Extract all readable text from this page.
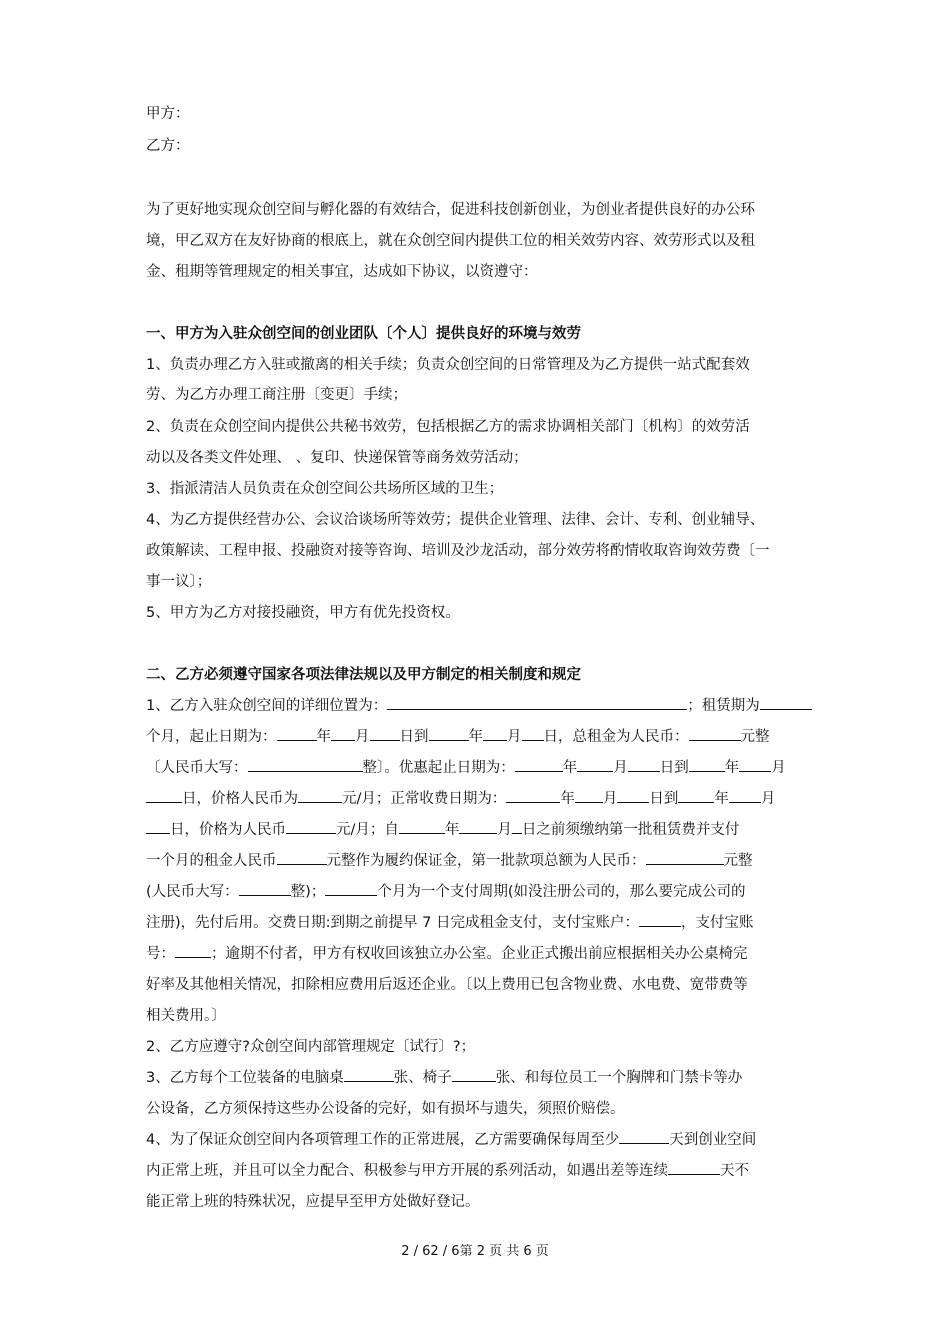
甲方：
乙方：
为了更好地实现众创空间与孵化器的有效结合，促进科技创新创业，为创业者提供良好的办公环
境，甲乙双方在友好协商的根底上，就在众创空间内提供工位的相关效劳内容、效劳形式以及租
金、租期等管理规定的相关事宜，达成如下协议，以资遵守：
一、甲方为入驻众创空间的创业团队〔个人〕提供良好的环境与效劳
1、负责办理乙方入驻或撤离的相关手续；负责众创空间的日常管理及为乙方提供一站式配套效
劳、为乙方办理工商注册〔变更〕手续；
2、负责在众创空间内提供公共秘书效劳，包括根据乙方的需求协调相关部门〔机构〕的效劳活
动以及各类文件处理、 、复印、快递保管等商务效劳活动；
3、指派清洁人员负责在众创空间公共场所区域的卫生；
4、为乙方提供经营办公、会议洽谈场所等效劳；提供企业管理、法律、会计、专利、创业辅导、
政策解读、工程申报、投融资对接等咨询、培训及沙龙活动，部分效劳将酌情收取咨询效劳费〔一
事一议〕；
5、甲方为乙方对接投融资，甲方有优先投资权。
二、乙方必须遵守国家各项法律法规以及甲方制定的相关制度和规定
1、乙方入驻众创空间的详细位置为：	；租赁期为
个月，起止日期为：	年 月 日到	年 月 日，总租金为人民币：	元整
〔人民币大写：	整〕。优惠起止日期为：	年 月 日到 年 月
日，价格人民币为	元/月；正常收费日期为：	年 月 日到 年 月
日，价格为人民币	元/月；自	年	月 日之前须缴纳第一批租赁费并支付
一个月的租金人民币	元整作为履约保证金，第一批款项总额为人民币：	元整
(人民币大写：	整)；	个月为一个支付周期(如没注册公司的，那么要完成公司的
注册)，先付后用。交费日期:到期之前提早 7 日完成租金支付，支付宝账户：	，支付宝账
号： ；逾期不付者，甲方有权收回该独立办公室。企业正式搬出前应根据相关办公桌椅完
好率及其他相关情况，扣除相应费用后返还企业。〔以上费用已包含物业费、水电费、宽带费等
相关费用。〕
2、乙方应遵守?众创空间内部管理规定〔试行〕?；
3、乙方每个工位装备的电脑桌	张、椅子	张、和每位员工一个胸牌和门禁卡等办
公设备，乙方须保持这些办公设备的完好，如有损坏与遗失，须照价赔偿。
4、为了保证众创空间内各项管理工作的正常进展，乙方需要确保每周至少	天到创业空间
内正常上班，并且可以全力配合、积极参与甲方开展的系列活动，如遇出差等连续	天不
能正常上班的特殊状况，应提早至甲方处做好登记。
2 / 62 / 6第 2 页 共 6 页
